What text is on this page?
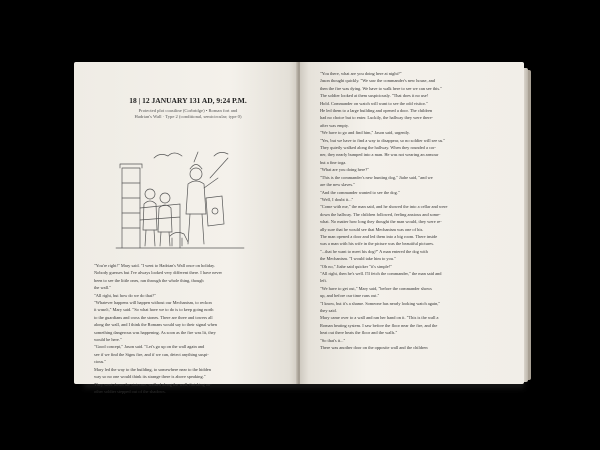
18 | 12 JANUARY 131 AD, 9:24 P.M.
Protected plot coastline (Corbridge) • Roman fort and
Hadrian's Wall · Type 2 (conditional, semicircular; type 0)

"You're right!" Mary said. "I went to Hadrian's Wall once on holiday.

Nobody guesses but I've always looked very different there. I have never

been to see the little ones, ran through the whole thing, though

the wall."

"All right, but how do we do that?"

"Whatever happens will happen without our Mechanism, to reckon

it wasn't," Mary said. "So what have we to do is to keep going north

to the guardians and cross the stones. There are three and towers all

along the wall, and I think the Romans would say to their signal when

something dangerous was happening. As soon as the fire was lit, they

would be here."

"Good concept," Jason said. "Let's go up on the wall again and

see if we find the Signs fire, and if we can, detect anything suspi-

cious."

Mary led the way to the building, to somewhere near to the hidden

way so no one would think its strange there is above speaking."

They went down the staircase, walked along the wall, finishing an-

other soldier stepped out of the shadows.

"You there, what are you doing here at night?"

Jason thought quickly. "We saw the commander's new house, and

then the fire was dying. We have to walk here to see we can see this."

The soldier looked at them suspiciously. "That does it no use!

Hold. Commander on watch will want to see the odd visitor."

He led them to a large building and opened a door. The children

had no choice but to enter. Luckily, the hallway they were there-

after was empty.

"We have to go and find him," Jason said, urgently.

"Yes, but we have to find a way to disappear, so no soldier will see us."

They quietly walked along the hallway. When they rounded a cor-

ner, they nearly bumped into a man. He was not wearing an armour

but a fine toga.

"What are you doing here?"

"This is the commander's new hunting dog," Jiahe said, "and we

are the new slaves."

"And the commander wanted to see the dog."

"Well, I doubt it..."

"Come with me," the man said, and he showed the into a cellar and were

down the hallway. The children followed, feeling anxious and some-

what. No matter how long they thought the man would, they were re-

ally sure that he would see that Mechanism was one of his.

The man opened a door and led them into a big room. There inside

was a man with his wife in the picture was the beautiful pictures.

"...that he want to meet his dog?" A man entered the dog with

the Mechanism. "I would take him to you."

"Oh no," Jiahe said quicker "it's simple!"

"All right, then he's well. I'll fetch the commander," the man said and

left.

"We have to get out," Mary said, "before the commander shows

up, and before our time runs out."

"I know, but it's a shame. Someone has nearly looking watch again,"

they said.

Mary came over to a wall and ran her hand on it. "This is the wall a

Roman heating system. I saw before the floor near the fire, and the

heat out there heats the floor and the walls."

"So that's it..."

There was another door on the opposite wall and the children
